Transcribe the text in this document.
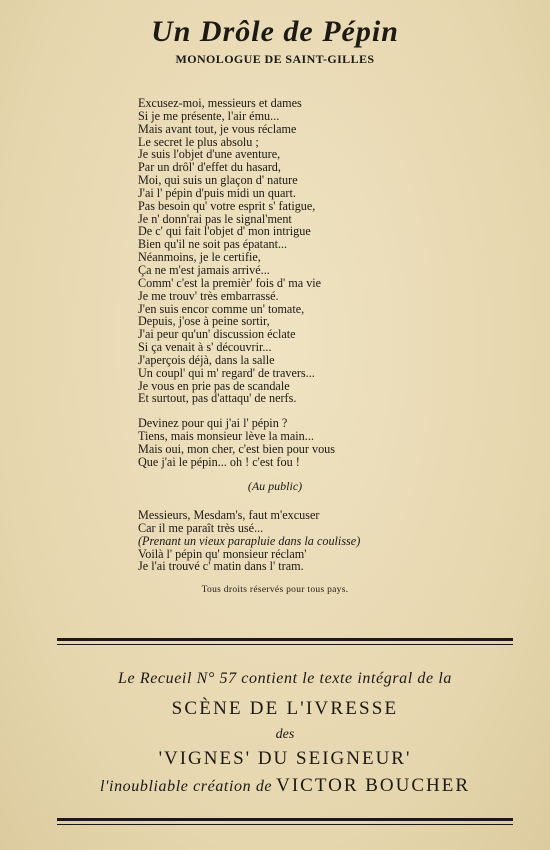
Un Drôle de Pépin
MONOLOGUE DE SAINT-GILLES
Excusez-moi, messieurs et dames
Si je me présente, l'air ému...
Mais avant tout, je vous réclame
Le secret le plus absolu ;
Je suis l'objet d'une aventure,
Par un drôl' d'effet du hasard,
Moi, qui suis un glaçon d' nature
J'ai l' pépin d'puis midi un quart.
Pas besoin qu' votre esprit s' fatigue,
Je n' donn'rai pas le signal'ment
De c' qui fait l'objet d' mon intrigue
Bien qu'il ne soit pas épatant...
Néanmoins, je le certifie,
Ça ne m'est jamais arrivé...
Comm' c'est la premièr' fois d' ma vie
Je me trouv' très embarrassé.
J'en suis encor comme un' tomate,
Depuis, j'ose à peine sortir,
J'ai peur qu'un' discussion éclate
Si ça venait à s' découvrir...
J'aperçois déjà, dans la salle
Un coupl' qui m' regard' de travers...
Je vous en prie pas de scandale
Et surtout, pas d'attaqu' de nerfs.
Devinez pour qui j'ai l' pépin ?
Tiens, mais monsieur lève la main...
Mais oui, mon cher, c'est bien pour vous
Que j'ai le pépin... oh ! c'est fou !
(Au public)
Messieurs, Mesdam's, faut m'excuser
Car il me paraît très usé...
(Prenant un vieux parapluie dans la coulisse)
Voilà l' pépin qu' monsieur réclam'
Je l'ai trouvé c' matin dans l' tram.
Tous droits réservés pour tous pays.
Le Recueil N° 57 contient le texte intégral de la
SCÈNE DE L'IVRESSE
des
'VIGNES' DU SEIGNEUR'
l'inoubliable création de VICTOR BOUCHER
